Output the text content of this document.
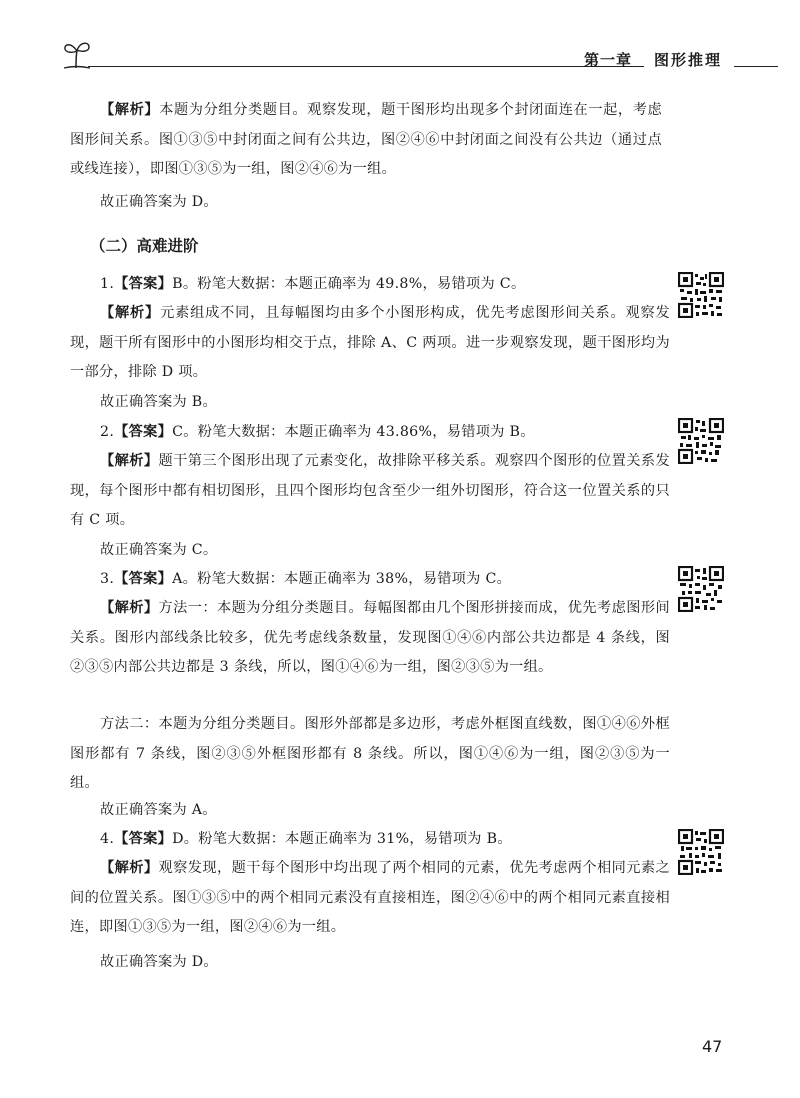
第一章 图形推理
【解析】本题为分组分类题目。观察发现，题干图形均出现多个封闭面连在一起，考虑图形间关系。图①③⑤中封闭面之间有公共边，图②④⑥中封闭面之间没有公共边（通过点或线连接），即图①③⑤为一组，图②④⑥为一组。
故正确答案为 D。
（二）高难进阶
1.【答案】B。粉笔大数据：本题正确率为 49.8%，易错项为 C。
【解析】元素组成不同，且每幅图均由多个小图形构成，优先考虑图形间关系。观察发现，题干所有图形中的小图形均相交于点，排除 A、C 两项。进一步观察发现，题干图形均为一部分，排除 D 项。
故正确答案为 B。
2.【答案】C。粉笔大数据：本题正确率为 43.86%，易错项为 B。
【解析】题干第三个图形出现了元素变化，故排除平移关系。观察四个图形的位置关系发现，每个图形中都有相切图形，且四个图形均包含至少一组外切图形，符合这一位置关系的只有 C 项。
故正确答案为 C。
3.【答案】A。粉笔大数据：本题正确率为 38%，易错项为 C。
【解析】方法一：本题为分组分类题目。每幅图都由几个图形拼接而成，优先考虑图形间关系。图形内部线条比较多，优先考虑线条数量，发现图①④⑥内部公共边都是 4 条线，图②③⑤内部公共边都是 3 条线，所以，图①④⑥为一组，图②③⑤为一组。
方法二：本题为分组分类题目。图形外部都是多边形，考虑外框图直线数，图①④⑥外框图形都有 7 条线，图②③⑤外框图形都有 8 条线。所以，图①④⑥为一组，图②③⑤为一组。
故正确答案为 A。
4.【答案】D。粉笔大数据：本题正确率为 31%，易错项为 B。
【解析】观察发现，题干每个图形中均出现了两个相同的元素，优先考虑两个相同元素之间的位置关系。图①③⑤中的两个相同元素没有直接相连，图②④⑥中的两个相同元素直接相连，即图①③⑤为一组，图②④⑥为一组。
故正确答案为 D。
47
